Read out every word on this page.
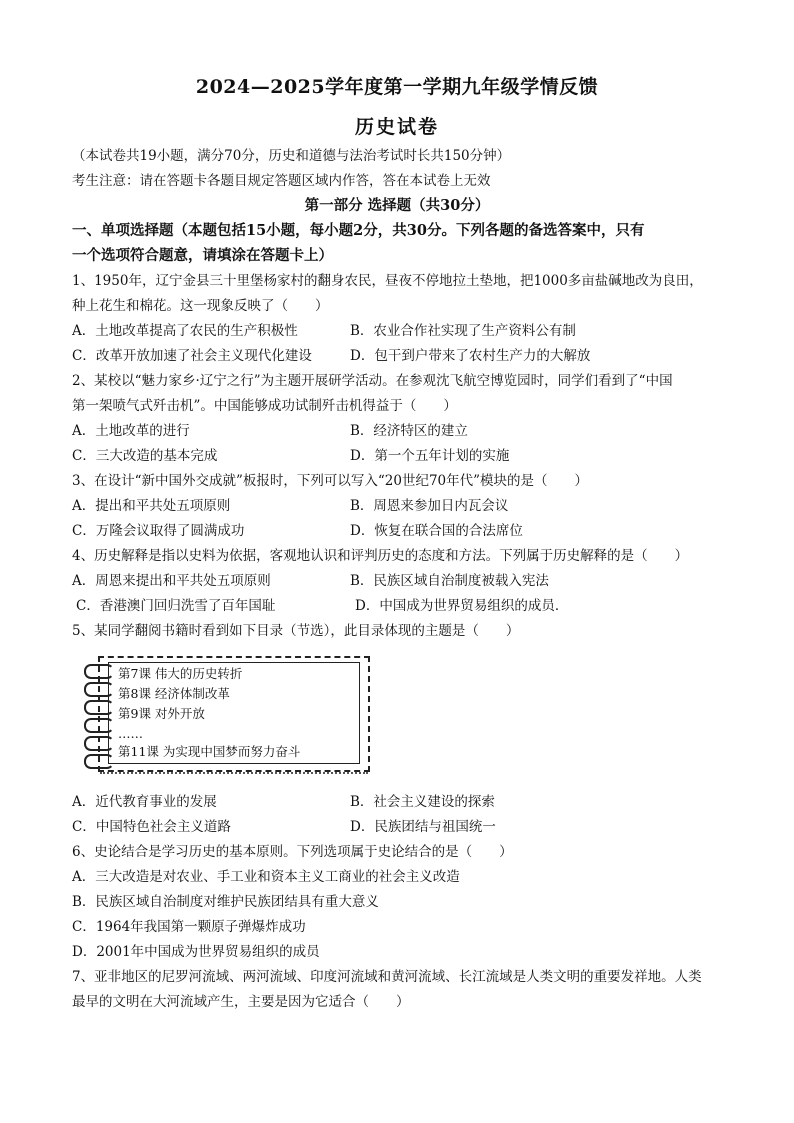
2024—2025学年度第一学期九年级学情反馈
历史试卷
（本试卷共19小题，满分70分，历史和道德与法治考试时长共150分钟）
考生注意：请在答题卡各题目规定答题区域内作答，答在本试卷上无效
第一部分 选择题（共30分）
一、单项选择题（本题包括15小题，每小题2分，共30分。下列各题的备选答案中，只有
一个选项符合题意，请填涂在答题卡上）
1、1950年，辽宁金县三十里堡杨家村的翻身农民，昼夜不停地拉土垫地，把1000多亩盐碱地改为良田，
种上花生和棉花。这一现象反映了（　　）
A．土地改革提高了农民的生产积极性	B．农业合作社实现了生产资料公有制
C．改革开放加速了社会主义现代化建设	D．包干到户带来了农村生产力的大解放
2、某校以“魅力家乡·辽宁之行”为主题开展研学活动。在参观沈飞航空博览园时，同学们看到了“中国
第一架喷气式歼击机”。中国能够成功试制歼击机得益于（　　）
A．土地改革的进行	B．经济特区的建立
C．三大改造的基本完成	D．第一个五年计划的实施
3、在设计“新中国外交成就”板报时，下列可以写入“20世纪70年代”模块的是（　　）
A．提出和平共处五项原则	B．周恩来参加日内瓦会议
C．万隆会议取得了圆满成功	D．恢复在联合国的合法席位
4、历史解释是指以史料为依据，客观地认识和评判历史的态度和方法。下列属于历史解释的是（　　）
A．周恩来提出和平共处五项原则	B．民族区域自治制度被载入宪法
C．香港澳门回归洗雪了百年国耻	D．中国成为世界贸易组织的成员．
5、某同学翻阅书籍时看到如下目录（节选），此目录体现的主题是（　　）
第7课 伟大的历史转折
第8课 经济体制改革
第9课 对外开放
……
第11课 为实现中国梦而努力奋斗
A．近代教育事业的发展	B．社会主义建设的探索
C．中国特色社会主义道路	D．民族团结与祖国统一
6、史论结合是学习历史的基本原则。下列选项属于史论结合的是（　　）
A．三大改造是对农业、手工业和资本主义工商业的社会主义改造
B．民族区域自治制度对维护民族团结具有重大意义
C．1964年我国第一颗原子弹爆炸成功
D．2001年中国成为世界贸易组织的成员
7、亚非地区的尼罗河流域、两河流域、印度河流域和黄河流域、长江流域是人类文明的重要发祥地。人类
最早的文明在大河流域产生，主要是因为它适合（　　）
